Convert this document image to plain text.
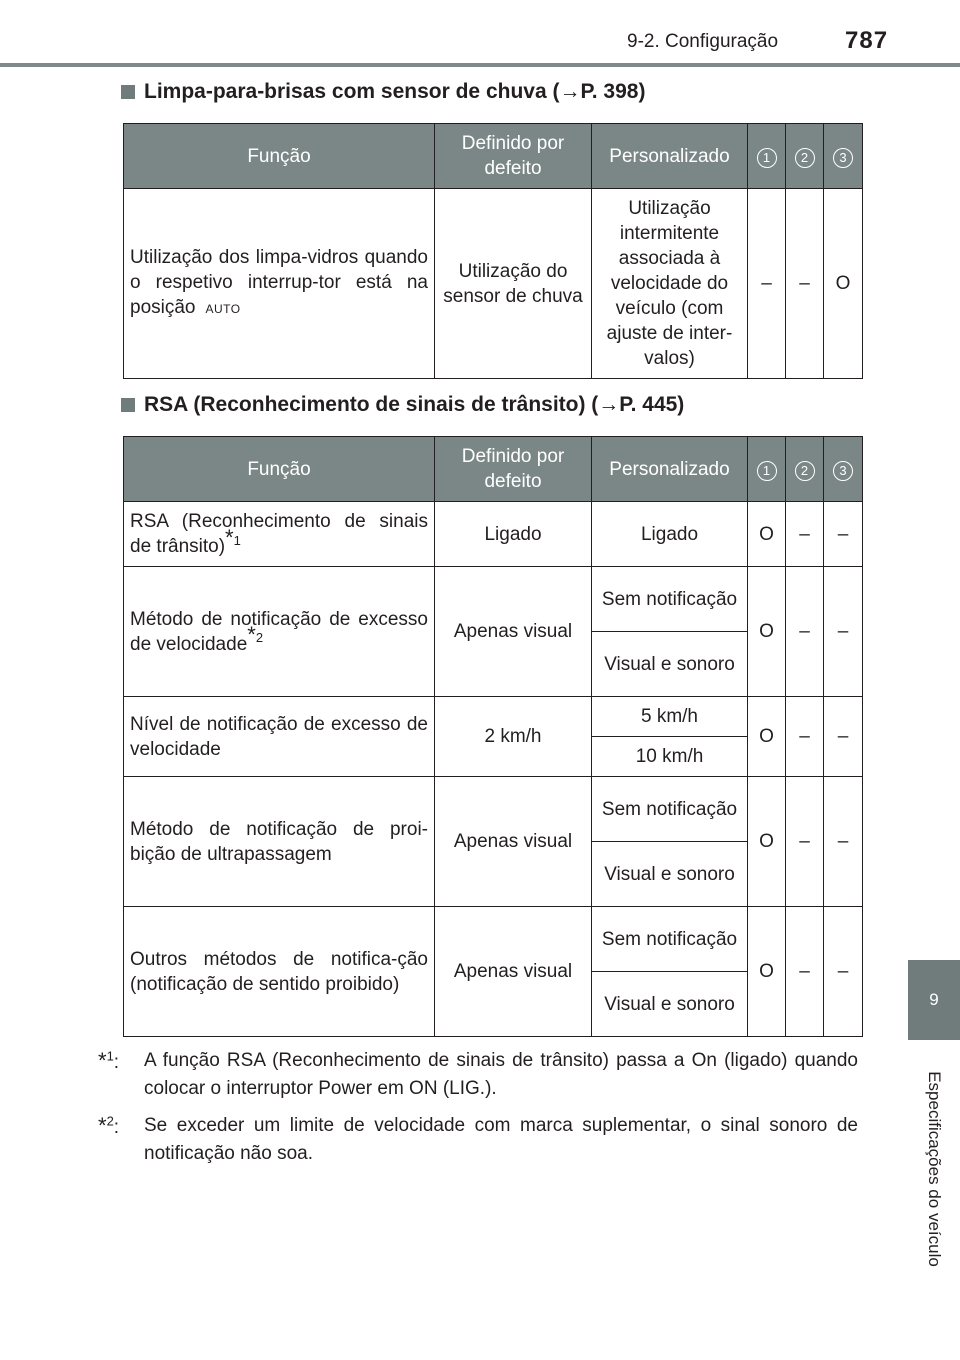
9-2. Configuração	787
9
Especificações do veículo
Limpa-para-brisas com sensor de chuva (→P. 398)
Função	Definido por defeito	Personalizado	1	2	3
Utilização dos limpa-vidros quando o respetivo interrup-tor está na posição AUTO	Utilização do sensor de chuva	Utilização intermitente associada à velocidade do veículo (com ajuste de inter-valos)	–	–	O
RSA (Reconhecimento de sinais de trânsito) (→P. 445)
Função	Definido por defeito	Personalizado	1	2	3
RSA (Reconhecimento de sinais de trânsito)$^{*1}$	Ligado	Ligado	O	–	–
Método de notificação de excesso de velocidade$^{*2}$	Apenas visual	Sem notificação	O	–	–
		Visual e sonoro			
Nível de notificação de excesso de velocidade	2 km/h	5 km/h	O	–	–
		10 km/h			
Método de notificação de proi-bição de ultrapassagem	Apenas visual	Sem notificação	O	–	–
		Visual e sonoro			
Outros métodos de notifica-ção (notificação de sentido proibido)	Apenas visual	Sem notificação	O	–	–
		Visual e sonoro			
*$^1$:	A função RSA (Reconhecimento de sinais de trânsito) passa a On (ligado) quando colocar o interruptor Power em ON (LIG.).
*$^2$:	Se exceder um limite de velocidade com marca suplementar, o sinal sonoro de notificação não soa.
